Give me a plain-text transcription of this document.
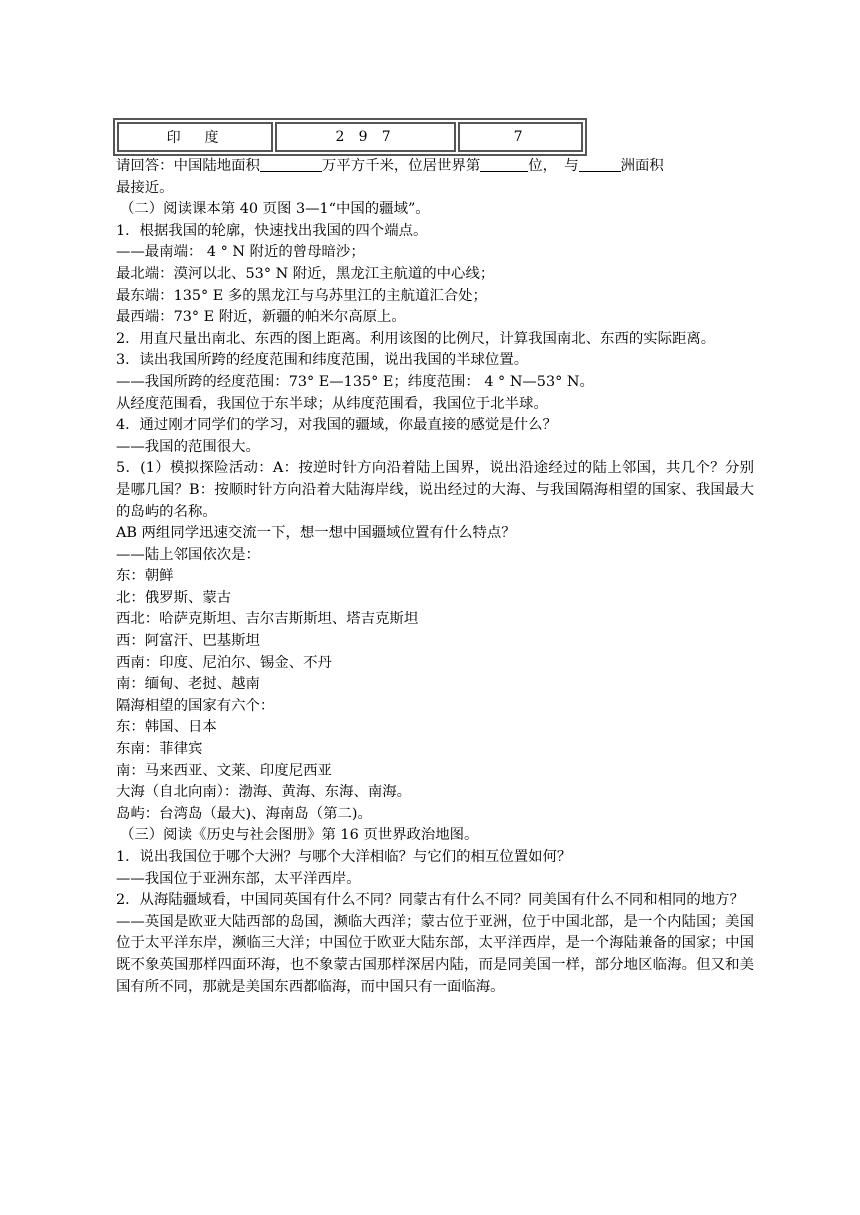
印　度	2 9 7	7

请回答：中国陆地面积	万平方千米，位居世界第	位，　与	洲面积

最接近。

（二）阅读课本第 40 页图 3—1“中国的疆域”。

1．根据我国的轮廓，快速找出我国的四个端点。

——最南端： 4 ° N 附近的曾母暗沙；

最北端：漠河以北、53° N 附近，黑龙江主航道的中心线；

最东端：135° E 多的黑龙江与乌苏里江的主航道汇合处；

最西端：73° E 附近，新疆的帕米尔高原上。

2．用直尺量出南北、东西的图上距离。利用该图的比例尺，计算我国南北、东西的实际距离。

3．读出我国所跨的经度范围和纬度范围，说出我国的半球位置。

——我国所跨的经度范围：73° E—135° E；纬度范围： 4 ° N—53° N。

从经度范围看，我国位于东半球；从纬度范围看，我国位于北半球。

4．通过刚才同学们的学习，对我国的疆域，你最直接的感觉是什么？

——我国的范围很大。

5．(1）模拟探险活动：A：按逆时针方向沿着陆上国界，说出沿途经过的陆上邻国，共几个？分别是哪几国？B：按顺时针方向沿着大陆海岸线，说出经过的大海、与我国隔海相望的国家、我国最大的岛屿的名称。

AB 两组同学迅速交流一下，想一想中国疆域位置有什么特点？

——陆上邻国依次是：

东：朝鲜

北：俄罗斯、蒙古

西北：哈萨克斯坦、吉尔吉斯斯坦、塔吉克斯坦

西：阿富汗、巴基斯坦

西南：印度、尼泊尔、锡金、不丹

南：缅甸、老挝、越南

隔海相望的国家有六个：

东：韩国、日本

东南：菲律宾

南：马来西亚、文莱、印度尼西亚

大海（自北向南）：渤海、黄海、东海、南海。

岛屿：台湾岛（最大)、海南岛（第二)。

（三）阅读《历史与社会图册》第 16 页世界政治地图。

1．说出我国位于哪个大洲？与哪个大洋相临？与它们的相互位置如何？

——我国位于亚洲东部，太平洋西岸。

2．从海陆疆域看，中国同英国有什么不同？同蒙古有什么不同？同美国有什么不同和相同的地方？

——英国是欧亚大陆西部的岛国，濒临大西洋；蒙古位于亚洲，位于中国北部，是一个内陆国；美国位于太平洋东岸，濒临三大洋；中国位于欧亚大陆东部，太平洋西岸，是一个海陆兼备的国家；中国既不象英国那样四面环海，也不象蒙古国那样深居内陆，而是同美国一样，部分地区临海。但又和美国有所不同，那就是美国东西都临海，而中国只有一面临海。
